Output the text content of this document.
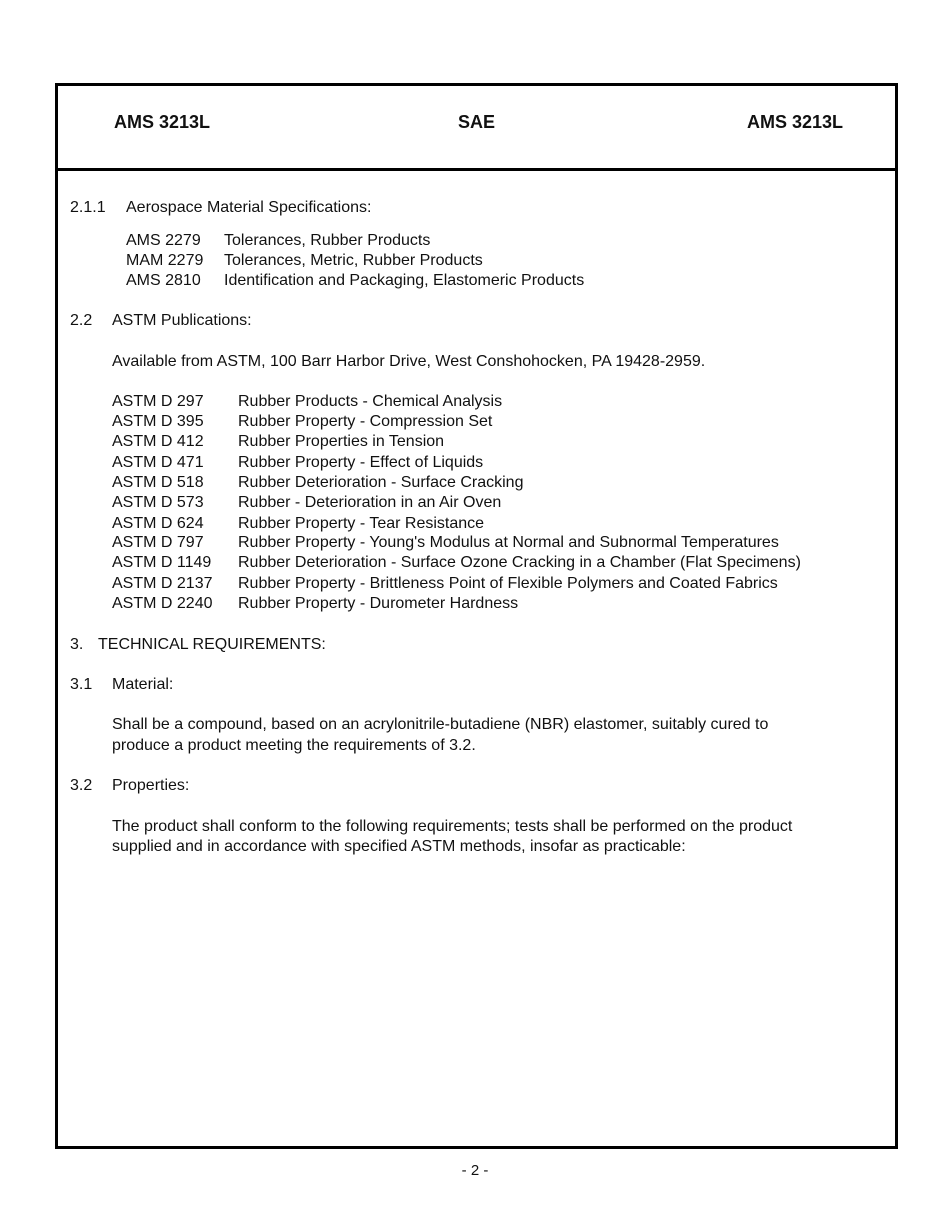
AMS 3213L	SAE	AMS 3213L
2.1.1 Aerospace Material Specifications:
AMS 2279 Tolerances, Rubber Products
MAM 2279 Tolerances, Metric, Rubber Products
AMS 2810 Identification and Packaging, Elastomeric Products
2.2 ASTM Publications:
Available from ASTM, 100 Barr Harbor Drive, West Conshohocken, PA 19428-2959.
ASTM D 297 Rubber Products - Chemical Analysis
ASTM D 395 Rubber Property - Compression Set
ASTM D 412 Rubber Properties in Tension
ASTM D 471 Rubber Property - Effect of Liquids
ASTM D 518 Rubber Deterioration - Surface Cracking
ASTM D 573 Rubber - Deterioration in an Air Oven
ASTM D 624 Rubber Property - Tear Resistance
ASTM D 797 Rubber Property - Young's Modulus at Normal and Subnormal Temperatures
ASTM D 1149 Rubber Deterioration - Surface Ozone Cracking in a Chamber (Flat Specimens)
ASTM D 2137 Rubber Property - Brittleness Point of Flexible Polymers and Coated Fabrics
ASTM D 2240 Rubber Property - Durometer Hardness
3. TECHNICAL REQUIREMENTS:
3.1 Material:
Shall be a compound, based on an acrylonitrile-butadiene (NBR) elastomer, suitably cured to
produce a product meeting the requirements of 3.2.
3.2 Properties:
The product shall conform to the following requirements; tests shall be performed on the product
supplied and in accordance with specified ASTM methods, insofar as practicable:
- 2 -
